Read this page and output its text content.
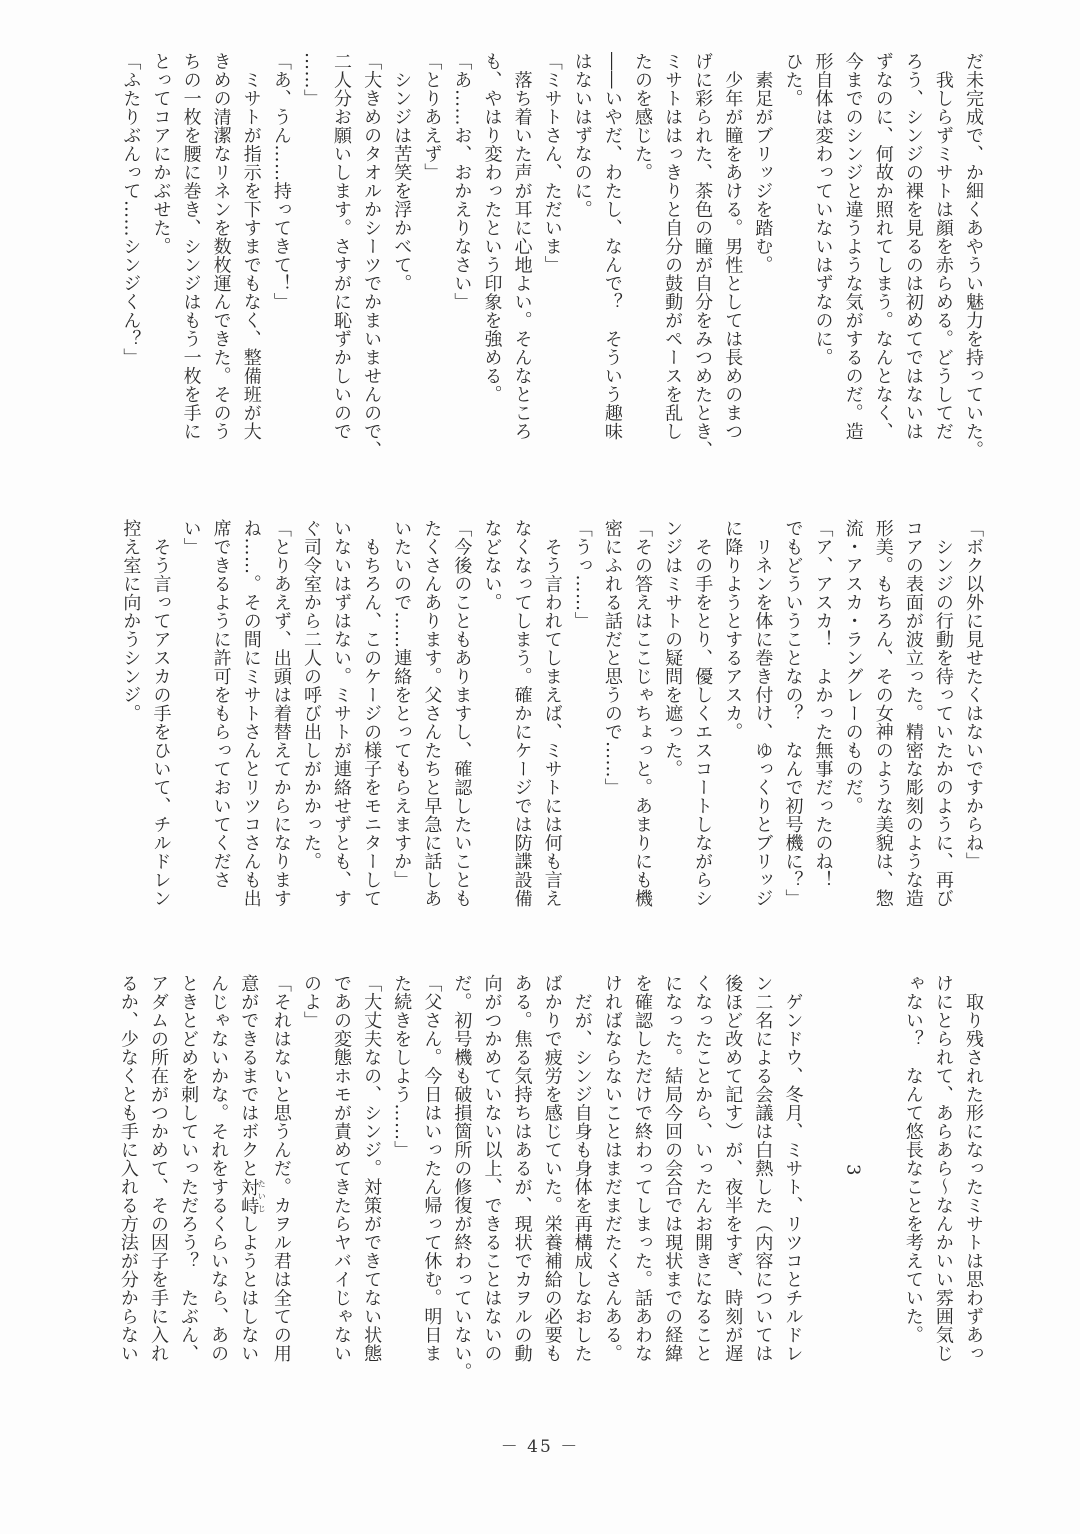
だ未完成で、か細くあやうい魅力を持っていた。
　我しらずミサトは顔を赤らめる。どうしてだ
ろう、シンジの裸を見るのは初めてではないは
ずなのに、何故か照れてしまう。なんとなく、
今までのシンジと違うような気がするのだ。造
形自体は変わっていないはずなのに。
ひた。
　素足がブリッジを踏む。
　少年が瞳をあける。男性としては長めのまつ
げに彩られた、茶色の瞳が自分をみつめたとき、
ミサトははっきりと自分の鼓動がペースを乱し
たのを感じた。
――いやだ、わたし、なんで？　そういう趣味
はないはずなのに。
「ミサトさん、ただいま」
　落ち着いた声が耳に心地よい。そんなところ
も、やはり変わったという印象を強める。
「あ……お、おかえりなさい」
「とりあえず」
　シンジは苦笑を浮かべて。
「大きめのタオルかシーツでかまいませんので、
二人分お願いします。さすがに恥ずかしいので
……」
「あ、うん……持ってきて！」
　ミサトが指示を下すまでもなく、整備班が大
きめの清潔なリネンを数枚運んできた。そのう
ちの一枚を腰に巻き、シンジはもう一枚を手に
とってコアにかぶせた。
「ふたりぶんって……シンジくん？」
「ボク以外に見せたくはないですからね」
　シンジの行動を待っていたかのように、再び
コアの表面が波立った。精密な彫刻のような造
形美。もちろん、その女神のような美貌は、惣
流・アスカ・ラングレーのものだ。
「ア、アスカ！　よかった無事だったのね！
でもどういうことなの？　なんで初号機に？」
　リネンを体に巻き付け、ゆっくりとブリッジ
に降りようとするアスカ。
　その手をとり、優しくエスコートしながらシ
ンジはミサトの疑問を遮った。
「その答えはここじゃちょっと。あまりにも機
密にふれる話だと思うので……」
「うっ……」
　そう言われてしまえば、ミサトには何も言え
なくなってしまう。確かにケージでは防諜設備
などない。
「今後のこともありますし、確認したいことも
たくさんあります。父さんたちと早急に話しあ
いたいので……連絡をとってもらえますか」
　もちろん、このケージの様子をモニターして
いないはずはない。ミサトが連絡せずとも、す
ぐ司令室から二人の呼び出しがかかった。
「とりあえず、出頭は着替えてからになります
ね……。その間にミサトさんとリツコさんも出
席できるように許可をもらっておいてくださ
い」
　そう言ってアスカの手をひいて、チルドレン
控え室に向かうシンジ。
　取り残された形になったミサトは思わずあっ
けにとられて、あらあら～なんかいい雰囲気じ
ゃない？　なんて悠長なことを考えていた。

3

　ゲンドウ、冬月、ミサト、リツコとチルドレ
ン二名による会議は白熱した（内容については
後ほど改めて記す）が、夜半をすぎ、時刻が遅
くなったことから、いったんお開きになること
になった。結局今回の会合では現状までの経緯
を確認しただけで終わってしまった。話あわな
ければならないことはまだまだたくさんある。
　だが、シンジ自身も身体を再構成しなおした
ばかりで疲労を感じていた。栄養補給の必要も
ある。焦る気持ちはあるが、現状でカヲルの動
向がつかめていない以上、できることはないの
だ。初号機も破損箇所の修復が終わっていない。
「父さん。今日はいったん帰って休む。明日ま
た続きをしよう……」
「大丈夫なの、シンジ。対策ができてない状態
であの変態ホモが責めてきたらヤバイじゃない
のよ」
「それはないと思うんだ。カヲル君は全ての用
意ができるまではボクと対峙たいじしようとはしない
んじゃないかな。それをするくらいなら、あの
ときとどめを刺していっただろう？　たぶん、
アダムの所在がつかめて、その因子を手に入れ
るか、少なくとも手に入れる方法が分からない
－ 45 －
